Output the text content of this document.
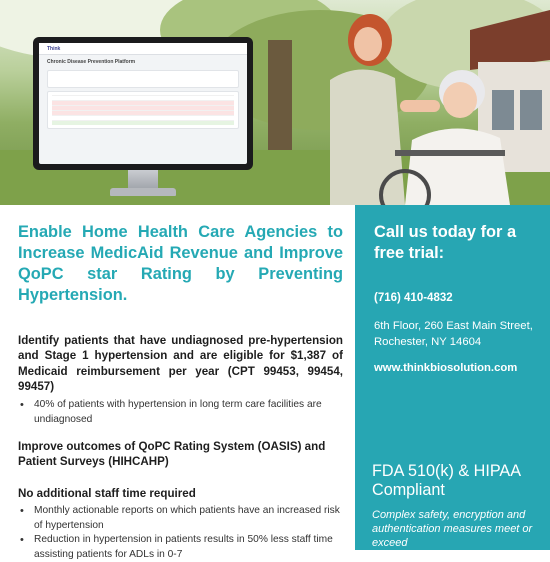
Think
Chronic Disease Prevention Platform
Enable Home Health Care Agencies to Increase MedicAid Revenue and Improve QoPC star Rating by Preventing Hypertension.

Identify patients that have undiagnosed pre-hypertension and Stage 1 hypertension and are eligible for $1,387 of Medicaid reimbursement per year (CPT 99453, 99454, 99457)

• 40% of patients with hypertension in long term care facilities are undiagnosed

Improve outcomes of QoPC Rating System (OASIS) and Patient Surveys (HIHCAHP)

No additional staff time required

• Monthly actionable reports on which patients have an increased risk of hypertension
• Reduction in hypertension in patients results in 50% less staff time assisting patients for ADLs in 0-7
Call us today for a free trial:
(716) 410-4832
6th Floor, 260 East Main Street, Rochester, NY 14604
www.thinkbiosolution.com
FDA 510(k) & HIPAA Compliant
Complex safety, encryption and authentication measures meet or exceed
